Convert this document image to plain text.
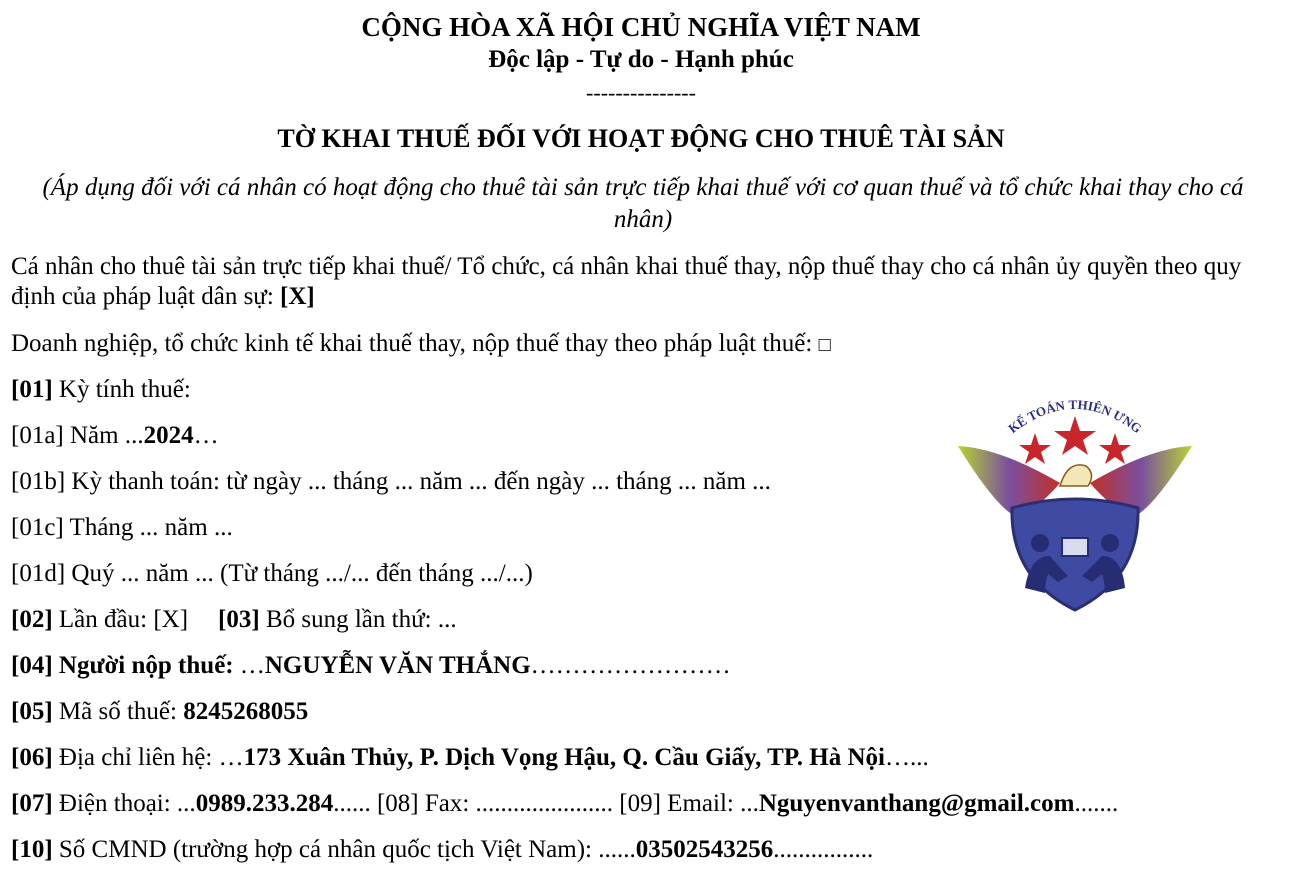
CỘNG HÒA XÃ HỘI CHỦ NGHĨA VIỆT NAM
Độc lập - Tự do - Hạnh phúc
---------------
TỜ KHAI THUẾ ĐỐI VỚI HOẠT ĐỘNG CHO THUÊ TÀI SẢN
(Áp dụng đối với cá nhân có hoạt động cho thuê tài sản trực tiếp khai thuế với cơ quan thuế và tổ chức khai thay cho cá nhân)
Cá nhân cho thuê tài sản trực tiếp khai thuế/ Tổ chức, cá nhân khai thuế thay, nộp thuế thay cho cá nhân ủy quyền theo quy định của pháp luật dân sự: [X]
Doanh nghiệp, tổ chức kinh tế khai thuế thay, nộp thuế thay theo pháp luật thuế: □
[01] Kỳ tính thuế:
[01a] Năm ...2024…
[01b] Kỳ thanh toán: từ ngày ... tháng ... năm ... đến ngày ... tháng ... năm ...
[01c] Tháng ... năm ...
[01d] Quý ... năm ... (Từ tháng .../... đến tháng .../...)
[02] Lần đầu: [X] [03] Bổ sung lần thứ: ...
[04] Người nộp thuế: …NGUYỄN VĂN THẮNG……………………
[05] Mã số thuế: 8245268055
[06] Địa chỉ liên hệ: …173 Xuân Thủy, P. Dịch Vọng Hậu, Q. Cầu Giấy, TP. Hà Nội…...
[07] Điện thoại: ...0989.233.284...... [08] Fax: ...................... [09] Email: ...Nguyenvanthang@gmail.com.......
[10] Số CMND (trường hợp cá nhân quốc tịch Việt Nam): ......03502543256................
KẾ TOÁN THIÊN ƯNG
